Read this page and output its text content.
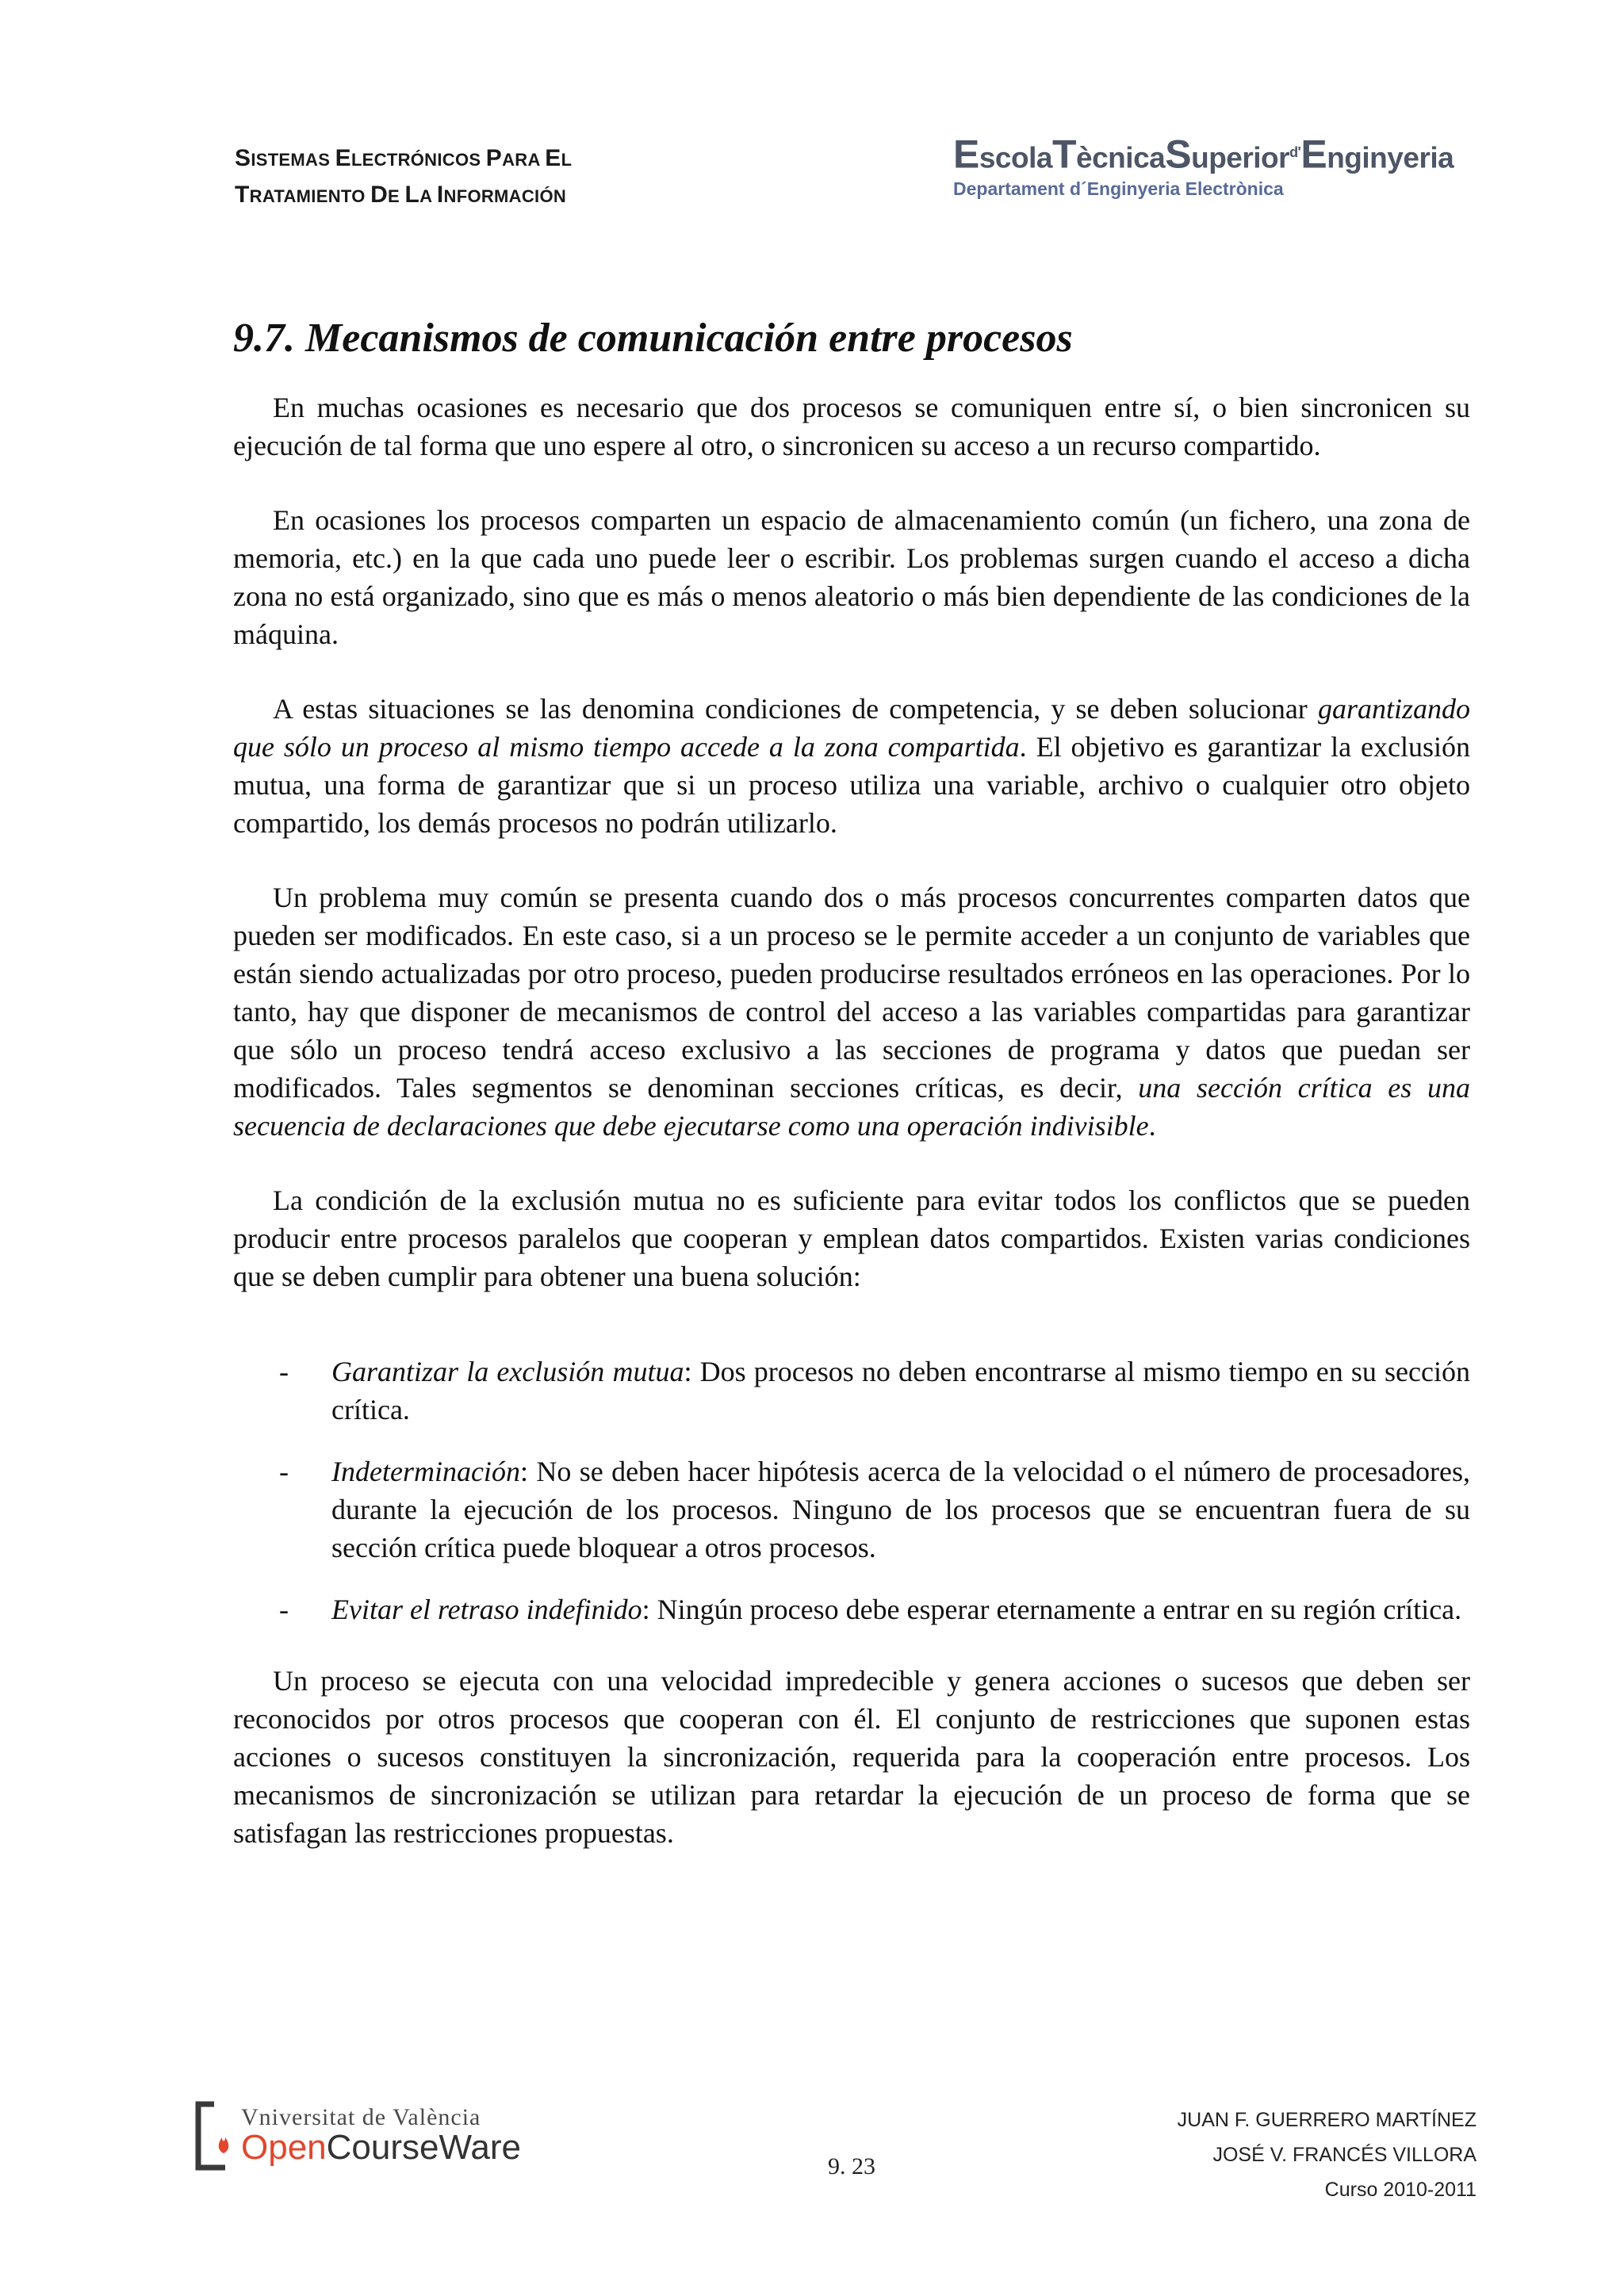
SISTEMAS ELECTRÓNICOS PARA EL
TRATAMIENTO DE LA INFORMACIÓN
EscolaTècnicaSuperior$^{d'}$Enginyeria
Departament d´Enginyeria Electrònica
9.7. Mecanismos de comunicación entre procesos

En muchas ocasiones es necesario que dos procesos se comuniquen entre sí, o bien sincronicen su ejecución de tal forma que uno espere al otro, o sincronicen su acceso a un recurso compartido.

En ocasiones los procesos comparten un espacio de almacenamiento común (un fichero, una zona de memoria, etc.) en la que cada uno puede leer o escribir. Los problemas surgen cuando el acceso a dicha zona no está organizado, sino que es más o menos aleatorio o más bien dependiente de las condiciones de la máquina.

A estas situaciones se las denomina condiciones de competencia, y se deben solucionar garantizando que sólo un proceso al mismo tiempo accede a la zona compartida. El objetivo es garantizar la exclusión mutua, una forma de garantizar que si un proceso utiliza una variable, archivo o cualquier otro objeto compartido, los demás procesos no podrán utilizarlo.

Un problema muy común se presenta cuando dos o más procesos concurrentes comparten datos que pueden ser modificados. En este caso, si a un proceso se le permite acceder a un conjunto de variables que están siendo actualizadas por otro proceso, pueden producirse resultados erróneos en las operaciones. Por lo tanto, hay que disponer de mecanismos de control del acceso a las variables compartidas para garantizar que sólo un proceso tendrá acceso exclusivo a las secciones de programa y datos que puedan ser modificados. Tales segmentos se denominan secciones críticas, es decir, una sección crítica es una secuencia de declaraciones que debe ejecutarse como una operación indivisible.

La condición de la exclusión mutua no es suficiente para evitar todos los conflictos que se pueden producir entre procesos paralelos que cooperan y emplean datos compartidos. Existen varias condiciones que se deben cumplir para obtener una buena solución:

- Garantizar la exclusión mutua: Dos procesos no deben encontrarse al mismo tiempo en su sección crítica.
- Indeterminación: No se deben hacer hipótesis acerca de la velocidad o el número de procesadores, durante la ejecución de los procesos. Ninguno de los procesos que se encuentran fuera de su sección crítica puede bloquear a otros procesos.
- Evitar el retraso indefinido: Ningún proceso debe esperar eternamente a entrar en su región crítica.

Un proceso se ejecuta con una velocidad impredecible y genera acciones o sucesos que deben ser reconocidos por otros procesos que cooperan con él. El conjunto de restricciones que suponen estas acciones o sucesos constituyen la sincronización, requerida para la cooperación entre procesos. Los mecanismos de sincronización se utilizan para retardar la ejecución de un proceso de forma que se satisfagan las restricciones propuestas.

Vniversitat de València
OpenCourseWare	9. 23
JUAN F. GUERRERO MARTÍNEZ
JOSÉ V. FRANCÉS VILLORA
Curso 2010-2011
